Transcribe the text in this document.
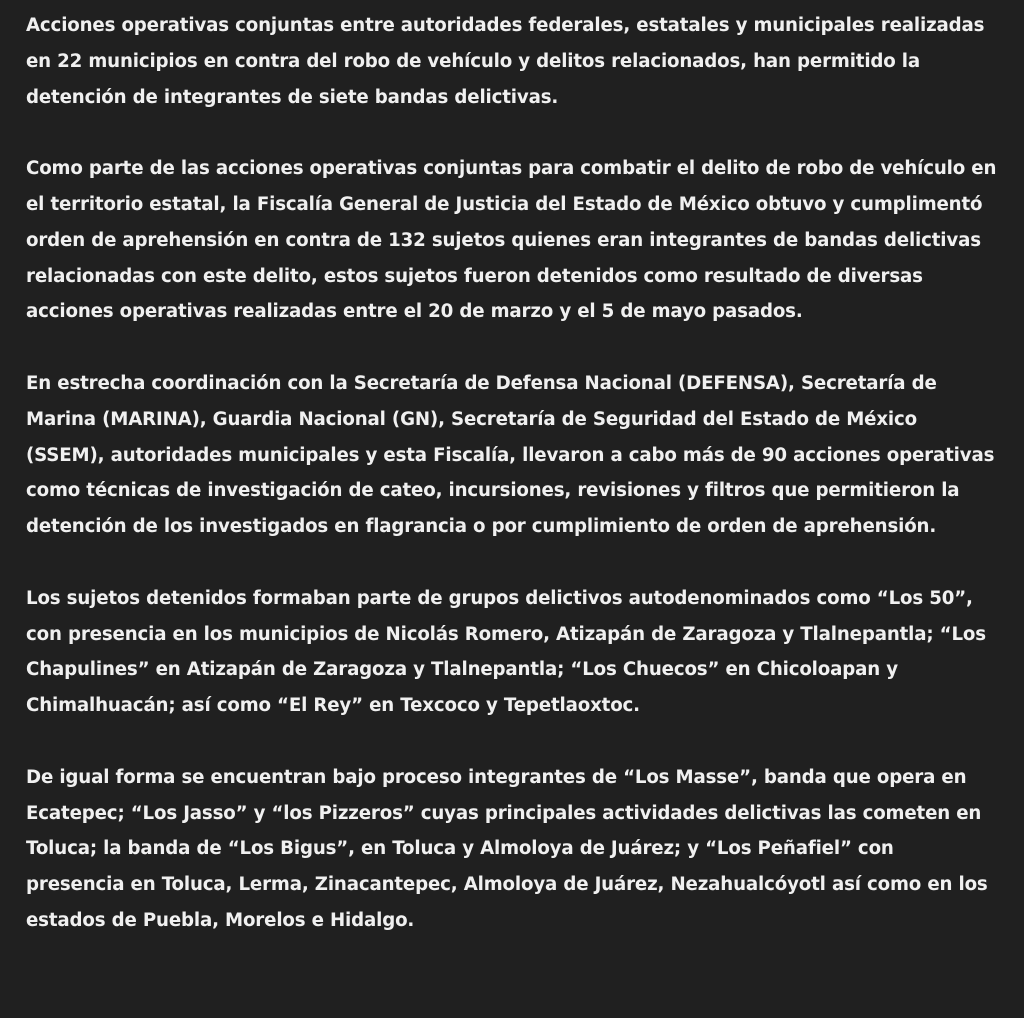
Acciones operativas conjuntas entre autoridades federales, estatales y municipales realizadas en 22 municipios en contra del robo de vehículo y delitos relacionados, han permitido la detención de integrantes de siete bandas delictivas.

Como parte de las acciones operativas conjuntas para combatir el delito de robo de vehículo en el territorio estatal, la Fiscalía General de Justicia del Estado de México obtuvo y cumplimentó orden de aprehensión en contra de 132 sujetos quienes eran integrantes de bandas delictivas relacionadas con este delito, estos sujetos fueron detenidos como resultado de diversas acciones operativas realizadas entre el 20 de marzo y el 5 de mayo pasados.

En estrecha coordinación con la Secretaría de Defensa Nacional (DEFENSA), Secretaría de Marina (MARINA), Guardia Nacional (GN), Secretaría de Seguridad del Estado de México (SSEM), autoridades municipales y esta Fiscalía, llevaron a cabo más de 90 acciones operativas como técnicas de investigación de cateo, incursiones, revisiones y filtros que permitieron la detención de los investigados en flagrancia o por cumplimiento de orden de aprehensión.

Los sujetos detenidos formaban parte de grupos delictivos autodenominados como “Los 50”, con presencia en los municipios de Nicolás Romero, Atizapán de Zaragoza y Tlalnepantla; “Los Chapulines” en Atizapán de Zaragoza y Tlalnepantla; “Los Chuecos” en Chicoloapan y Chimalhuacán; así como “El Rey” en Texcoco y Tepetlaoxtoc.

De igual forma se encuentran bajo proceso integrantes de “Los Masse”, banda que opera en Ecatepec; “Los Jasso” y “los Pizzeros” cuyas principales actividades delictivas las cometen en Toluca; la banda de “Los Bigus”, en Toluca y Almoloya de Juárez; y “Los Peñafiel” con presencia en Toluca, Lerma, Zinacantepec, Almoloya de Juárez, Nezahualcóyotl así como en los estados de Puebla, Morelos e Hidalgo.
